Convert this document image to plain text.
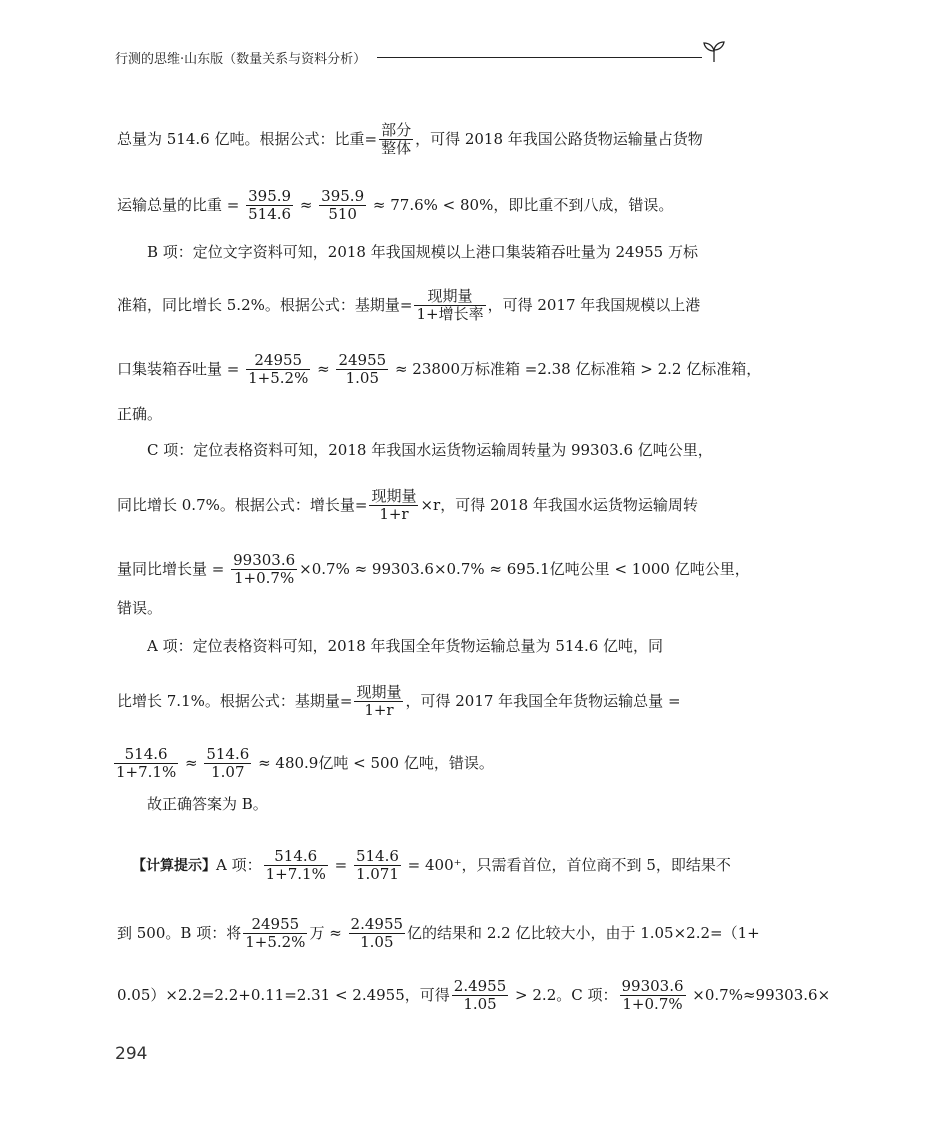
行测的思维·山东版（数量关系与资料分析）
总量为 514.6 亿吨。根据公式：比重= $\frac{\text{部分}}{\text{整体}}$ ，可得 2018 年我国公路货物运输量占货物
运输总量的比重 = $\frac{395.9}{514.6} \approx \frac{395.9}{510} \approx 77.6\% < 80\%$，即比重不到八成，错误。
B 项：定位文字资料可知，2018 年我国规模以上港口集装箱吞吐量为 24955 万标
准箱，同比增长 5.2%。根据公式：基期量= $\frac{\text{现期量}}{\text{1+增长率}}$ ，可得 2017 年我国规模以上港
口集装箱吞吐量 = $\frac{24955}{1+5.2\%} \approx \frac{24955}{1.05} \approx 23800$万标准箱 =2.38 亿标准箱 > 2.2 亿标准箱，
正确。
C 项：定位表格资料可知，2018 年我国水运货物运输周转量为 99303.6 亿吨公里，
同比增长 0.7%。根据公式：增长量= $\frac{\text{现期量}}{1+r} \times r$，可得 2018 年我国水运货物运输周转
量同比增长量 = $\frac{99303.6}{1+0.7\%} \times 0.7\% \approx 99303.6\times 0.7\% \approx 695.1$亿吨公里 < 1000 亿吨公里，
错误。
A 项：定位表格资料可知，2018 年我国全年货物运输总量为 514.6 亿吨，同
比增长 7.1%。根据公式：基期量= $\frac{\text{现期量}}{1+r}$ ，可得 2017 年我国全年货物运输总量 =
$\frac{514.6}{1+7.1\%} \approx \frac{514.6}{1.07} \approx 480.9$亿吨 < 500 亿吨，错误。
故正确答案为 B。
【计算提示】A 项： $\frac{514.6}{1+7.1\%} = \frac{514.6}{1.071} = 400^+$，只需看首位，首位商不到 5，即结果不
到 500。B 项：将 $\frac{24955}{1+5.2\%}$ 万 ≈ $\frac{2.4955}{1.05}$ 亿的结果和 2.2 亿比较大小，由于 1.05×2.2=（1+
0.05）×2.2=2.2+0.11=2.31 < 2.4955，可得 $\frac{2.4955}{1.05} > 2.2$。C 项： $\frac{99303.6}{1+0.7\%} \times 0.7\%\approx 99303.6\times$
294
